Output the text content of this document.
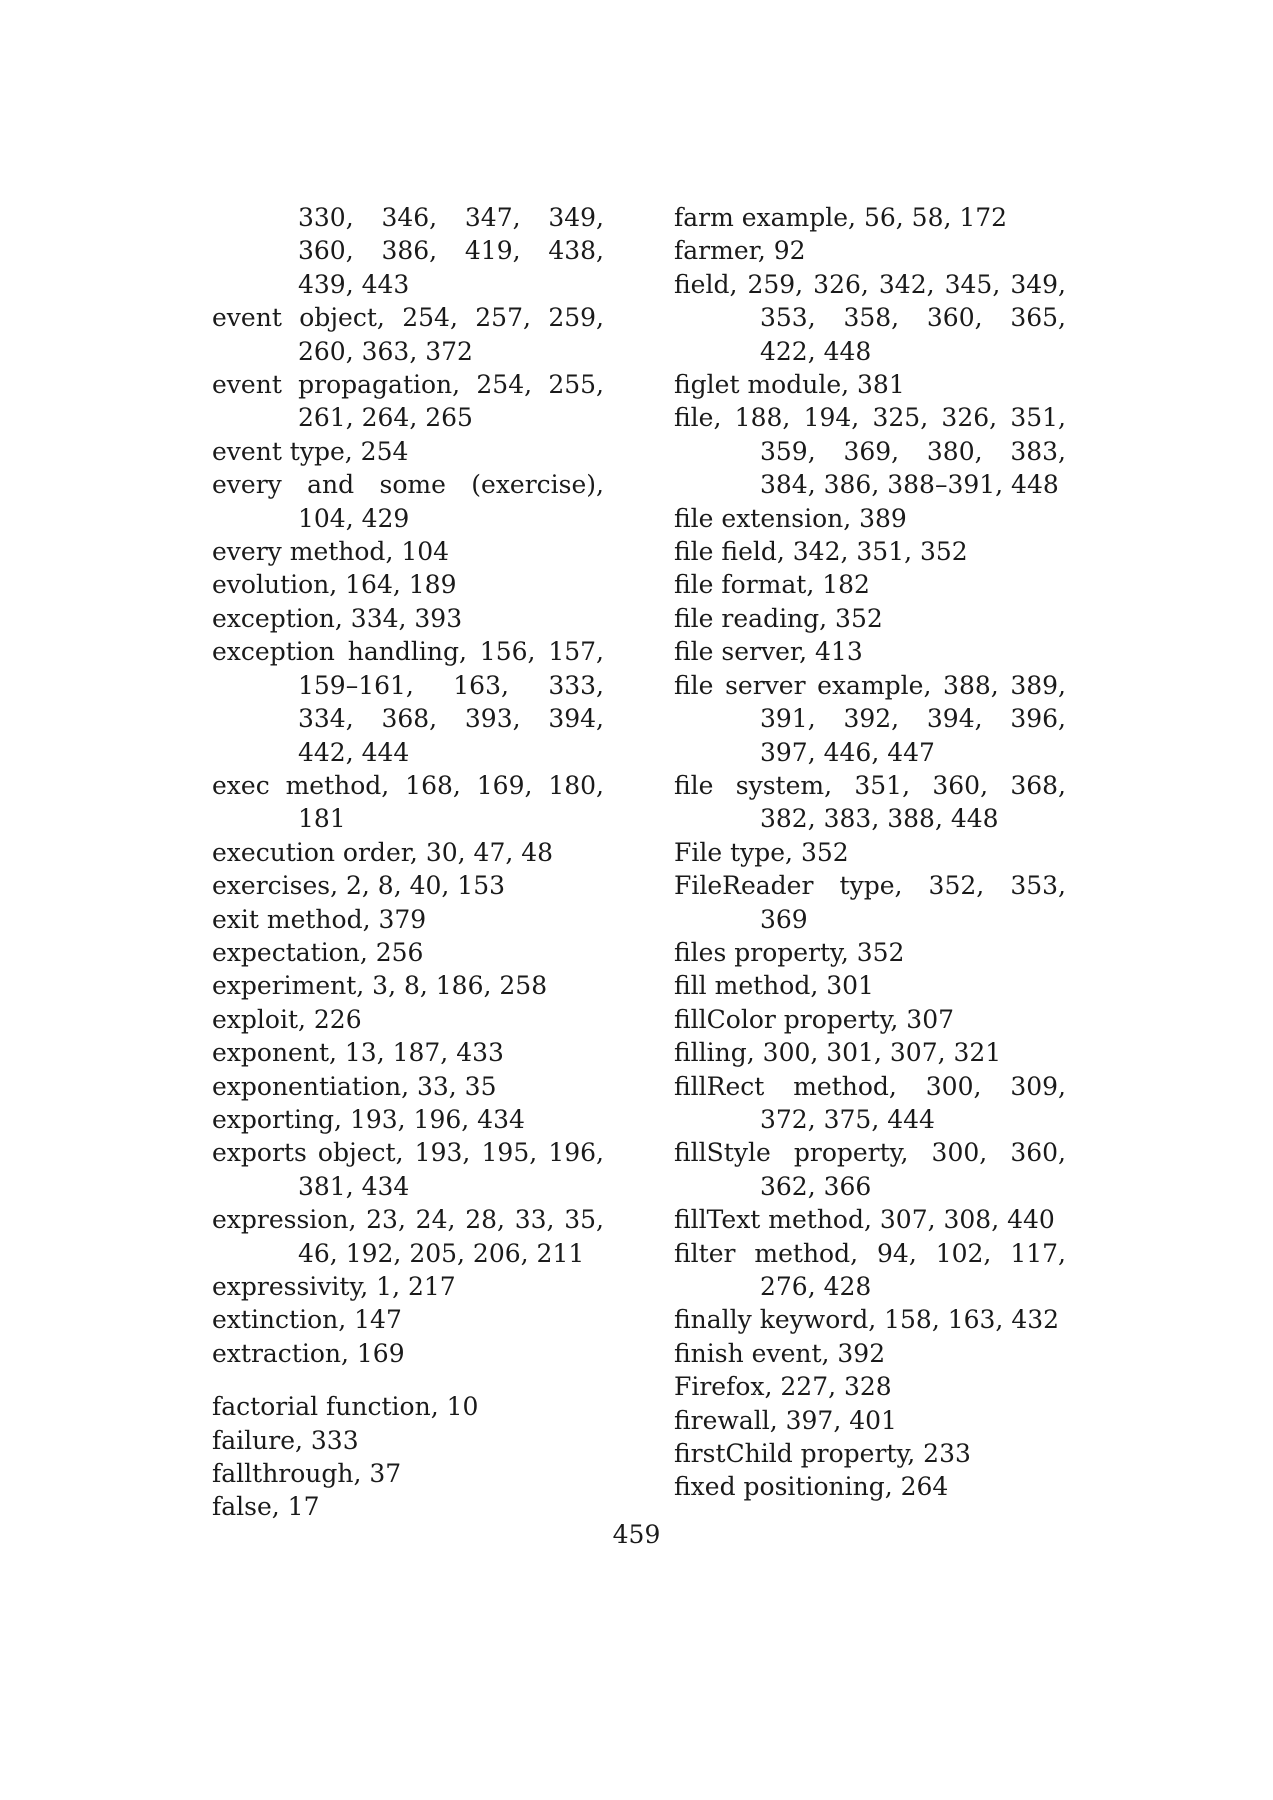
330, 346, 347, 349, 360, 386, 419, 438, 439, 443
event object, 254, 257, 259, 260, 363, 372
event propagation, 254, 255, 261, 264, 265
event type, 254
every and some (exercise), 104, 429
every method, 104
evolution, 164, 189
exception, 334, 393
exception handling, 156, 157, 159–161, 163, 333, 334, 368, 393, 394, 442, 444
exec method, 168, 169, 180, 181
execution order, 30, 47, 48
exercises, 2, 8, 40, 153
exit method, 379
expectation, 256
experiment, 3, 8, 186, 258
exploit, 226
exponent, 13, 187, 433
exponentiation, 33, 35
exporting, 193, 196, 434
exports object, 193, 195, 196, 381, 434
expression, 23, 24, 28, 33, 35, 46, 192, 205, 206, 211
expressivity, 1, 217
extinction, 147
extraction, 169
factorial function, 10
failure, 333
fallthrough, 37
false, 17
farm example, 56, 58, 172
farmer, 92
field, 259, 326, 342, 345, 349, 353, 358, 360, 365, 422, 448
figlet module, 381
file, 188, 194, 325, 326, 351, 359, 369, 380, 383, 384, 386, 388–391, 448
file extension, 389
file field, 342, 351, 352
file format, 182
file reading, 352
file server, 413
file server example, 388, 389, 391, 392, 394, 396, 397, 446, 447
file system, 351, 360, 368, 382, 383, 388, 448
File type, 352
FileReader type, 352, 353, 369
files property, 352
fill method, 301
fillColor property, 307
filling, 300, 301, 307, 321
fillRect method, 300, 309, 372, 375, 444
fillStyle property, 300, 360, 362, 366
fillText method, 307, 308, 440
filter method, 94, 102, 117, 276, 428
finally keyword, 158, 163, 432
finish event, 392
Firefox, 227, 328
firewall, 397, 401
firstChild property, 233
fixed positioning, 264
459
